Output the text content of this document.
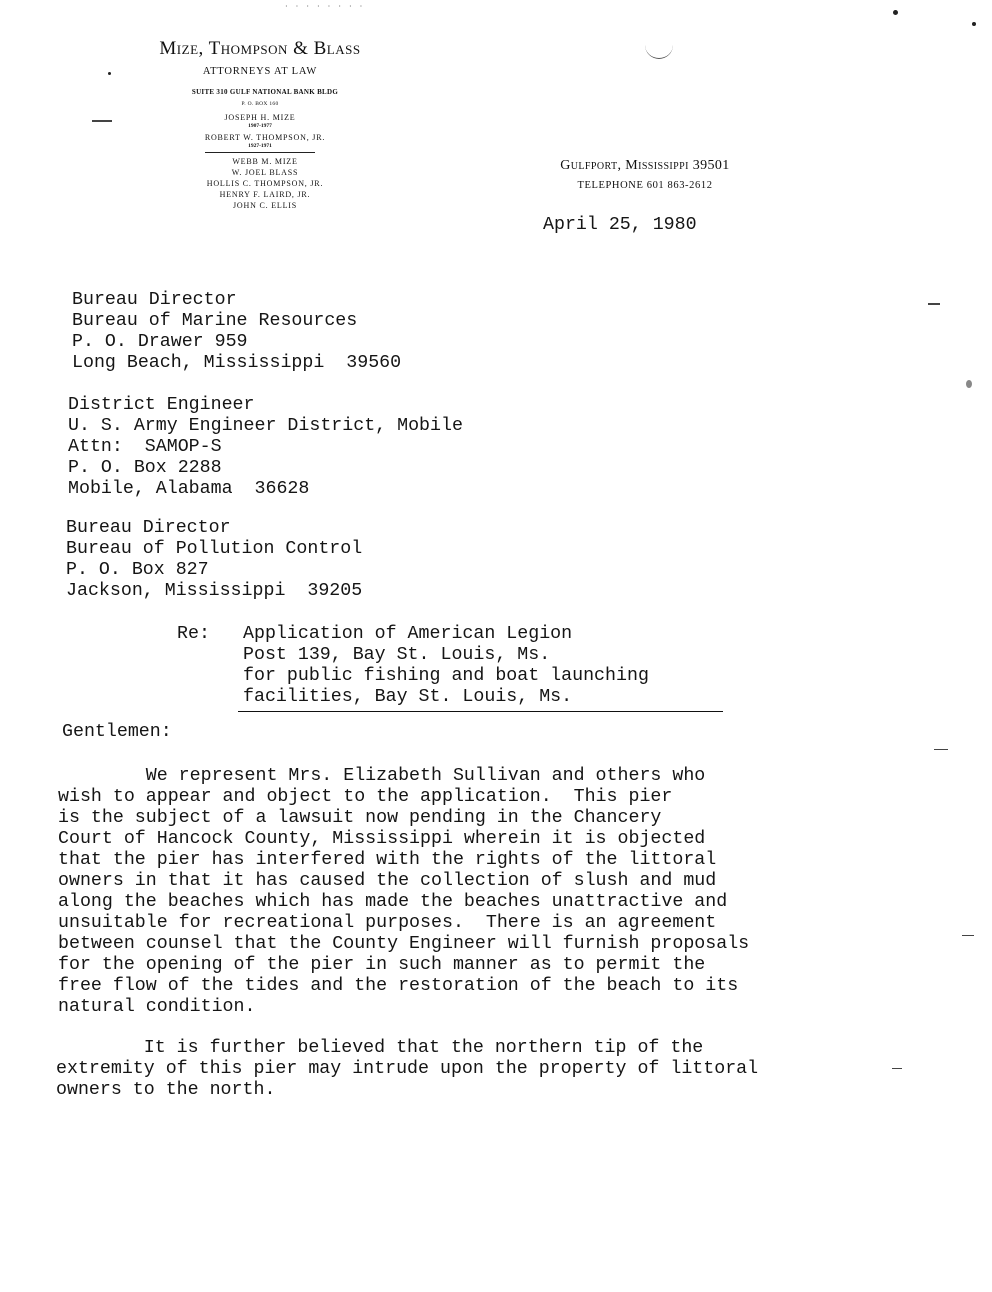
· · · · · · · ·
Mize, Thompson & Blass
ATTORNEYS AT LAW
SUITE 310 GULF NATIONAL BANK BLDG
P. O. BOX 160
JOSEPH H. MIZE
1907-1977
ROBERT W. THOMPSON, JR.
1927-1971
WEBB M. MIZE
W. JOEL BLASS
HOLLIS C. THOMPSON, JR.
HENRY F. LAIRD, JR.
JOHN C. ELLIS
Gulfport, Mississippi 39501
TELEPHONE 601 863-2612
April 25, 1980
Bureau Director
Bureau of Marine Resources
P. O. Drawer 959
Long Beach, Mississippi  39560
District Engineer
U. S. Army Engineer District, Mobile
Attn:  SAMOP-S
P. O. Box 2288
Mobile, Alabama  36628
Bureau Director
Bureau of Pollution Control
P. O. Box 827
Jackson, Mississippi  39205
Re: Application of American Legion
Post 139, Bay St. Louis, Ms.
for public fishing and boat launching
facilities, Bay St. Louis, Ms.
Gentlemen:
We represent Mrs. Elizabeth Sullivan and others who
wish to appear and object to the application.  This pier
is the subject of a lawsuit now pending in the Chancery
Court of Hancock County, Mississippi wherein it is objected
that the pier has interfered with the rights of the littoral
owners in that it has caused the collection of slush and mud
along the beaches which has made the beaches unattractive and
unsuitable for recreational purposes.  There is an agreement
between counsel that the County Engineer will furnish proposals
for the opening of the pier in such manner as to permit the
free flow of the tides and the restoration of the beach to its
natural condition.
It is further believed that the northern tip of the
extremity of this pier may intrude upon the property of littoral
owners to the north.
